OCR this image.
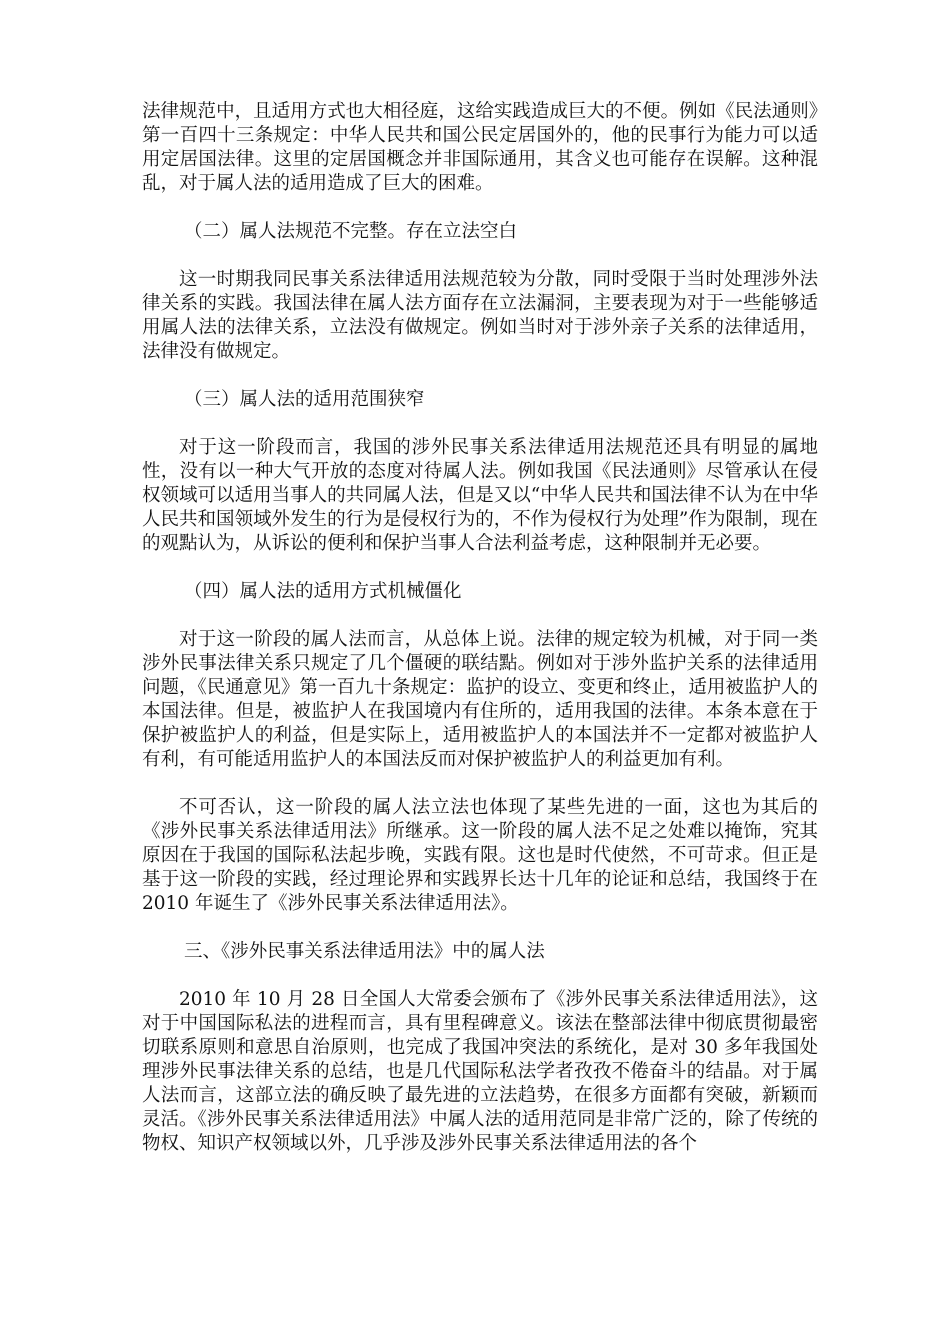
法律规范中，且适用方式也大相径庭，这给实践造成巨大的不便。例如《民法通则》第一百四十三条规定：中华人民共和国公民定居国外的，他的民事行为能力可以适用定居国法律。这里的定居国概念并非国际通用，其含义也可能存在误解。这种混乱，对于属人法的适用造成了巨大的困难。

（二）属人法规范不完整。存在立法空白

这一时期我同民事关系法律适用法规范较为分散，同时受限于当时处理涉外法律关系的实践。我国法律在属人法方面存在立法漏洞，主要表现为对于一些能够适用属人法的法律关系，立法没有做规定。例如当时对于涉外亲子关系的法律适用，法律没有做规定。

（三）属人法的适用范围狭窄

对于这一阶段而言，我国的涉外民事关系法律适用法规范还具有明显的属地性，没有以一种大气开放的态度对待属人法。例如我国《民法通则》尽管承认在侵权领域可以适用当事人的共同属人法，但是又以“中华人民共和国法律不认为在中华人民共和国领域外发生的行为是侵权行为的，不作为侵权行为处理”作为限制，现在的观點认为，从诉讼的便利和保护当事人合法利益考虑，这种限制并无必要。

（四）属人法的适用方式机械僵化

对于这一阶段的属人法而言，从总体上说。法律的规定较为机械，对于同一类涉外民事法律关系只规定了几个僵硬的联结點。例如对于涉外监护关系的法律适用问题，《民通意见》第一百九十条规定：监护的设立、变更和终止，适用被监护人的本国法律。但是，被监护人在我国境内有住所的，适用我国的法律。本条本意在于保护被监护人的利益，但是实际上，适用被监护人的本国法并不一定都对被监护人有利，有可能适用监护人的本国法反而对保护被监护人的利益更加有利。

不可否认，这一阶段的属人法立法也体现了某些先进的一面，这也为其后的《涉外民事关系法律适用法》所继承。这一阶段的属人法不足之处难以掩饰，究其原因在于我国的国际私法起步晚，实践有限。这也是时代使然，不可苛求。但正是基于这一阶段的实践，经过理论界和实践界长达十几年的论证和总结，我国终于在 2010 年诞生了《涉外民事关系法律适用法》。

三、《涉外民事关系法律适用法》中的属人法

2010 年 10 月 28 日全国人大常委会颁布了《涉外民事关系法律适用法》，这对于中国国际私法的进程而言，具有里程碑意义。该法在整部法律中彻底贯彻最密切联系原则和意思自治原则，也完成了我国冲突法的系统化，是对 30 多年我国处理涉外民事法律关系的总结，也是几代国际私法学者孜孜不倦奋斗的结晶。对于属人法而言，这部立法的确反映了最先进的立法趋势，在很多方面都有突破，新颖而灵活。《涉外民事关系法律适用法》中属人法的适用范同是非常广泛的，除了传统的物权、知识产权领域以外，几乎涉及涉外民事关系法律适用法的各个
